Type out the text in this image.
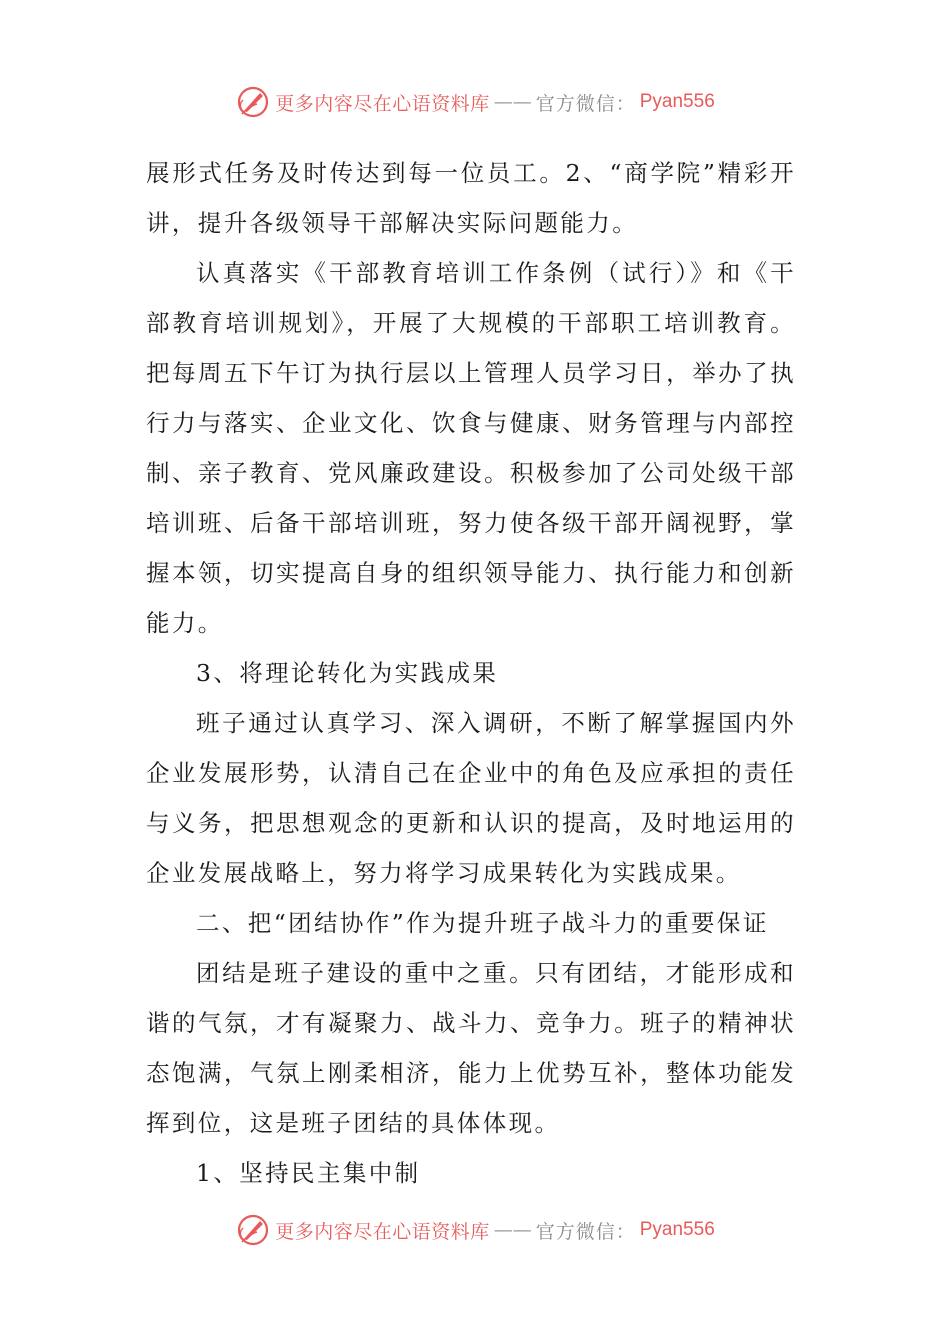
更多内容尽在心语资料库 —— 官方微信： Pyan556

展形式任务及时传达到每一位员工。2、“商学院”精彩开讲，提升各级领导干部解决实际问题能力。

认真落实《干部教育培训工作条例（试行）》和《干部教育培训规划》，开展了大规模的干部职工培训教育。把每周五下午订为执行层以上管理人员学习日，举办了执行力与落实、企业文化、饮食与健康、财务管理与内部控制、亲子教育、党风廉政建设。积极参加了公司处级干部培训班、后备干部培训班，努力使各级干部开阔视野，掌握本领，切实提高自身的组织领导能力、执行能力和创新能力。

3、将理论转化为实践成果

班子通过认真学习、深入调研，不断了解掌握国内外企业发展形势，认清自己在企业中的角色及应承担的责任与义务，把思想观念的更新和认识的提高，及时地运用的企业发展战略上，努力将学习成果转化为实践成果。

二、把“团结协作”作为提升班子战斗力的重要保证

团结是班子建设的重中之重。只有团结，才能形成和谐的气氛，才有凝聚力、战斗力、竞争力。班子的精神状态饱满，气氛上刚柔相济，能力上优势互补，整体功能发挥到位，这是班子团结的具体体现。

1、坚持民主集中制

更多内容尽在心语资料库 —— 官方微信： Pyan556
